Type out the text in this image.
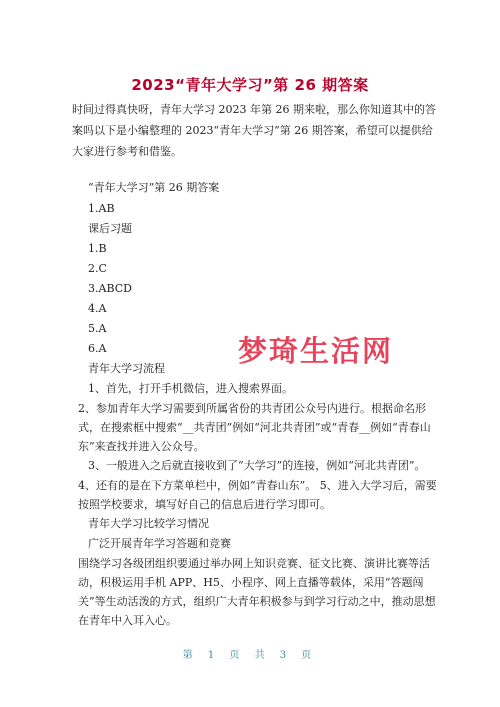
2023“青年大学习”第 26 期答案
时间过得真快呀，青年大学习 2023 年第 26 期来啦，那么你知道其中的答案吗以下是小编整理的 2023“青年大学习”第 26 期答案，希望可以提供给大家进行参考和借鉴。
“青年大学习”第 26 期答案
1.AB
课后习题
1.B
2.C
3.ABCD
4.A
5.A
6.A
青年大学习流程
1、首先，打开手机微信，进入搜索界面。
2、参加青年大学习需要到所属省份的共青团公众号内进行。根据命名形式，在搜索框中搜索“__共青团”例如“河北共青团”或“青春__例如“青春山东”来查找并进入公众号。
3、一般进入之后就直接收到了“大学习”的连接，例如“河北共青团”。
4、还有的是在下方菜单栏中，例如“青春山东”。 5、进入大学习后，需要按照学校要求，填写好自己的信息后进行学习即可。
青年大学习比较学习情况
广泛开展青年学习答题和竞赛
围绕学习各级团组织要通过举办网上知识竞赛、征文比赛、演讲比赛等活动，积极运用手机 APP、H5、小程序、网上直播等载体，采用“答题闯关”等生动活泼的方式，组织广大青年积极参与到学习行动之中，推动思想在青年中入耳入心。
梦琦生活网
第 1 页 共 3 页
